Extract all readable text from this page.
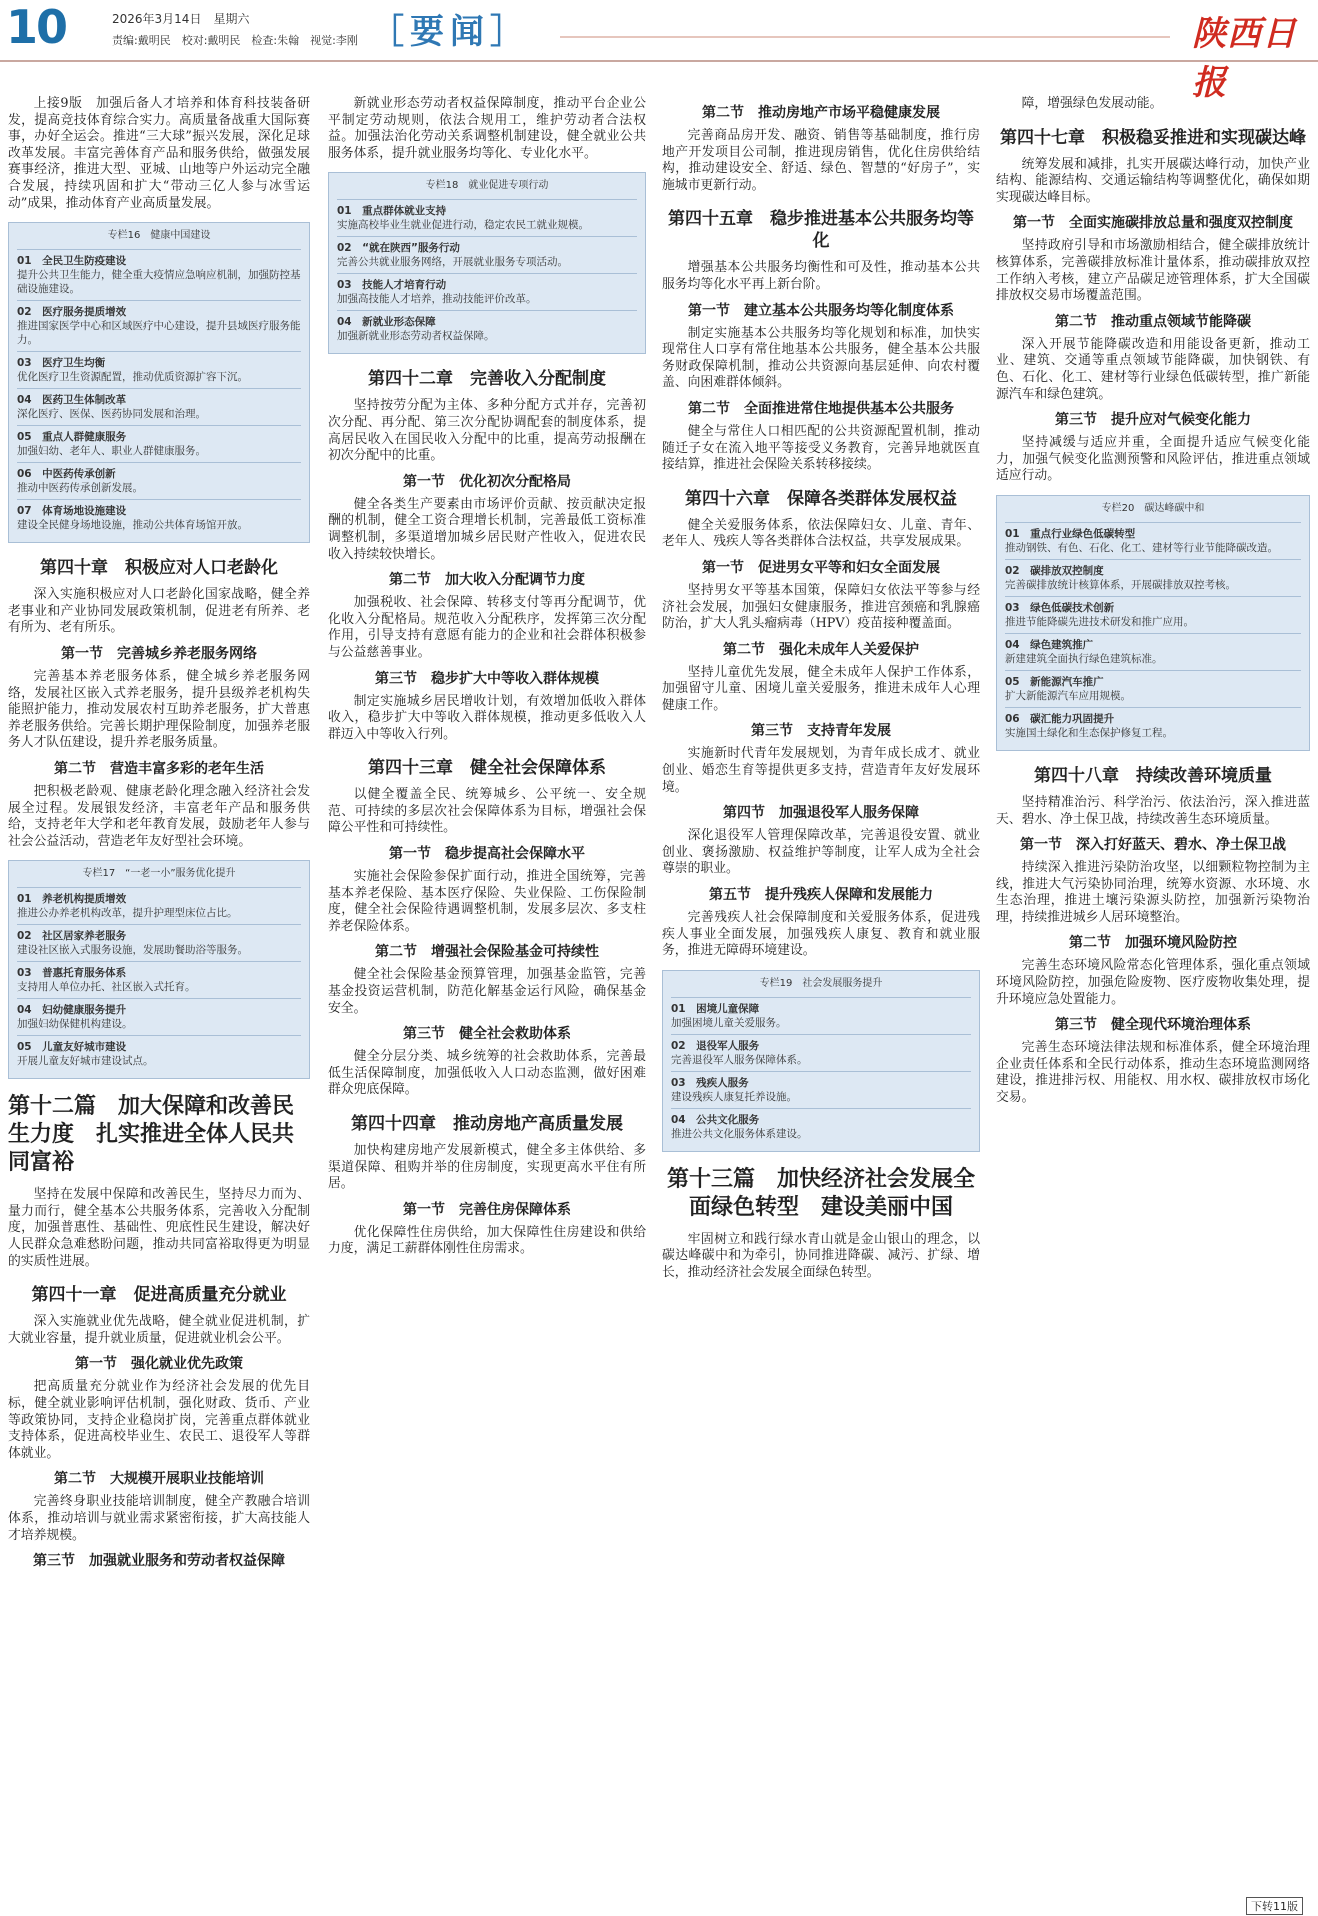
10	2026年3月14日　星期六
责编:戴明民　校对:戴明民　检查:朱翰　视觉:李刚 ［要闻］	陕西日报

上接9版　加强后备人才培养和体育科技装备研发，提高竞技体育综合实力。高质量备战重大国际赛事，办好全运会。推进“三大球”振兴发展，深化足球改革发展。丰富完善体育产品和服务供给，做强发展赛事经济，推进大型、亚城、山地等户外运动完全融合发展，持续巩固和扩大“带动三亿人参与冰雪运动”成果，推动体育产业高质量发展。

专栏16　健康中国建设
01　全民卫生防疫建设
提升公共卫生能力，健全重大疫情应急响应机制，加强防控基础设施建设。
02　医疗服务提质增效
推进国家医学中心和区域医疗中心建设，提升县域医疗服务能力。
03　医疗卫生均衡
优化医疗卫生资源配置，推动优质资源扩容下沉。
04　医药卫生体制改革
深化医疗、医保、医药协同发展和治理。
05　重点人群健康服务
加强妇幼、老年人、职业人群健康服务。
06　中医药传承创新
推动中医药传承创新发展。
07　体育场地设施建设
建设全民健身场地设施，推动公共体育场馆开放。
第四十章　积极应对人口老龄化

深入实施积极应对人口老龄化国家战略，健全养老事业和产业协同发展政策机制，促进老有所养、老有所为、老有所乐。

第一节　完善城乡养老服务网络

完善基本养老服务体系，健全城乡养老服务网络，发展社区嵌入式养老服务，提升县级养老机构失能照护能力，推动发展农村互助养老服务，扩大普惠养老服务供给。完善长期护理保险制度，加强养老服务人才队伍建设，提升养老服务质量。

第二节　营造丰富多彩的老年生活

把积极老龄观、健康老龄化理念融入经济社会发展全过程。发展银发经济，丰富老年产品和服务供给，支持老年大学和老年教育发展，鼓励老年人参与社会公益活动，营造老年友好型社会环境。

专栏17　“一老一小”服务优化提升
01　养老机构提质增效
推进公办养老机构改革，提升护理型床位占比。
02　社区居家养老服务
建设社区嵌入式服务设施，发展助餐助浴等服务。
03　普惠托育服务体系
支持用人单位办托、社区嵌入式托育。
04　妇幼健康服务提升
加强妇幼保健机构建设。
05　儿童友好城市建设
开展儿童友好城市建设试点。
第十二篇　加大保障和改善民生力度　扎实推进全体人民共同富裕

坚持在发展中保障和改善民生，坚持尽力而为、量力而行，健全基本公共服务体系，完善收入分配制度，加强普惠性、基础性、兜底性民生建设，解决好人民群众急难愁盼问题，推动共同富裕取得更为明显的实质性进展。

第四十一章　促进高质量充分就业

深入实施就业优先战略，健全就业促进机制，扩大就业容量，提升就业质量，促进就业机会公平。

第一节　强化就业优先政策

把高质量充分就业作为经济社会发展的优先目标，健全就业影响评估机制，强化财政、货币、产业等政策协同，支持企业稳岗扩岗，完善重点群体就业支持体系，促进高校毕业生、农民工、退役军人等群体就业。

第二节　大规模开展职业技能培训

完善终身职业技能培训制度，健全产教融合培训体系，推动培训与就业需求紧密衔接，扩大高技能人才培养规模。

第三节　加强就业服务和劳动者权益保障

新就业形态劳动者权益保障制度，推动平台企业公平制定劳动规则，依法合规用工，维护劳动者合法权益。加强法治化劳动关系调整机制建设，健全就业公共服务体系，提升就业服务均等化、专业化水平。

专栏18　就业促进专项行动
01　重点群体就业支持
实施高校毕业生就业促进行动，稳定农民工就业规模。
02　“就在陕西”服务行动
完善公共就业服务网络，开展就业服务专项活动。
03　技能人才培育行动
加强高技能人才培养，推动技能评价改革。
04　新就业形态保障
加强新就业形态劳动者权益保障。
第四十二章　完善收入分配制度

坚持按劳分配为主体、多种分配方式并存，完善初次分配、再分配、第三次分配协调配套的制度体系，提高居民收入在国民收入分配中的比重，提高劳动报酬在初次分配中的比重。

第一节　优化初次分配格局

健全各类生产要素由市场评价贡献、按贡献决定报酬的机制，健全工资合理增长机制，完善最低工资标准调整机制，多渠道增加城乡居民财产性收入，促进农民收入持续较快增长。

第二节　加大收入分配调节力度

加强税收、社会保障、转移支付等再分配调节，优化收入分配格局。规范收入分配秩序，发挥第三次分配作用，引导支持有意愿有能力的企业和社会群体积极参与公益慈善事业。

第三节　稳步扩大中等收入群体规模

制定实施城乡居民增收计划，有效增加低收入群体收入，稳步扩大中等收入群体规模，推动更多低收入人群迈入中等收入行列。

第四十三章　健全社会保障体系

以健全覆盖全民、统筹城乡、公平统一、安全规范、可持续的多层次社会保障体系为目标，增强社会保障公平性和可持续性。

第一节　稳步提高社会保障水平

实施社会保险参保扩面行动，推进全国统筹，完善基本养老保险、基本医疗保险、失业保险、工伤保险制度，健全社会保险待遇调整机制，发展多层次、多支柱养老保险体系。

第二节　增强社会保险基金可持续性

健全社会保险基金预算管理，加强基金监管，完善基金投资运营机制，防范化解基金运行风险，确保基金安全。

第三节　健全社会救助体系

健全分层分类、城乡统筹的社会救助体系，完善最低生活保障制度，加强低收入人口动态监测，做好困难群众兜底保障。

第四十四章　推动房地产高质量发展

加快构建房地产发展新模式，健全多主体供给、多渠道保障、租购并举的住房制度，实现更高水平住有所居。

第一节　完善住房保障体系

优化保障性住房供给，加大保障性住房建设和供给力度，满足工薪群体刚性住房需求。

第二节　推动房地产市场平稳健康发展

完善商品房开发、融资、销售等基础制度，推行房地产开发项目公司制，推进现房销售，优化住房供给结构，推动建设安全、舒适、绿色、智慧的“好房子”，实施城市更新行动。

第四十五章　稳步推进基本公共服务均等化

增强基本公共服务均衡性和可及性，推动基本公共服务均等化水平再上新台阶。

第一节　建立基本公共服务均等化制度体系

制定实施基本公共服务均等化规划和标准，加快实现常住人口享有常住地基本公共服务，健全基本公共服务财政保障机制，推动公共资源向基层延伸、向农村覆盖、向困难群体倾斜。

第二节　全面推进常住地提供基本公共服务

健全与常住人口相匹配的公共资源配置机制，推动随迁子女在流入地平等接受义务教育，完善异地就医直接结算，推进社会保险关系转移接续。

第四十六章　保障各类群体发展权益

健全关爱服务体系，依法保障妇女、儿童、青年、老年人、残疾人等各类群体合法权益，共享发展成果。

第一节　促进男女平等和妇女全面发展

坚持男女平等基本国策，保障妇女依法平等参与经济社会发展，加强妇女健康服务，推进宫颈癌和乳腺癌防治，扩大人乳头瘤病毒（HPV）疫苗接种覆盖面。

第二节　强化未成年人关爱保护

坚持儿童优先发展，健全未成年人保护工作体系，加强留守儿童、困境儿童关爱服务，推进未成年人心理健康工作。

第三节　支持青年发展

实施新时代青年发展规划，为青年成长成才、就业创业、婚恋生育等提供更多支持，营造青年友好发展环境。

第四节　加强退役军人服务保障

深化退役军人管理保障改革，完善退役安置、就业创业、褒扬激励、权益维护等制度，让军人成为全社会尊崇的职业。

第五节　提升残疾人保障和发展能力

完善残疾人社会保障制度和关爱服务体系，促进残疾人事业全面发展，加强残疾人康复、教育和就业服务，推进无障碍环境建设。

专栏19　社会发展服务提升
01　困境儿童保障
加强困境儿童关爱服务。
02　退役军人服务
完善退役军人服务保障体系。
03　残疾人服务
建设残疾人康复托养设施。
04　公共文化服务
推进公共文化服务体系建设。
第十三篇　加快经济社会发展全面绿色转型　建设美丽中国

牢固树立和践行绿水青山就是金山银山的理念，以碳达峰碳中和为牵引，协同推进降碳、减污、扩绿、增长，推动经济社会发展全面绿色转型。

障，增强绿色发展动能。

第四十七章　积极稳妥推进和实现碳达峰

统筹发展和减排，扎实开展碳达峰行动，加快产业结构、能源结构、交通运输结构等调整优化，确保如期实现碳达峰目标。

第一节　全面实施碳排放总量和强度双控制度

坚持政府引导和市场激励相结合，健全碳排放统计核算体系，完善碳排放标准计量体系，推动碳排放双控工作纳入考核，建立产品碳足迹管理体系，扩大全国碳排放权交易市场覆盖范围。

第二节　推动重点领域节能降碳

深入开展节能降碳改造和用能设备更新，推动工业、建筑、交通等重点领域节能降碳，加快钢铁、有色、石化、化工、建材等行业绿色低碳转型，推广新能源汽车和绿色建筑。

第三节　提升应对气候变化能力

坚持减缓与适应并重，全面提升适应气候变化能力，加强气候变化监测预警和风险评估，推进重点领域适应行动。

专栏20　碳达峰碳中和
01　重点行业绿色低碳转型
推动钢铁、有色、石化、化工、建材等行业节能降碳改造。
02　碳排放双控制度
完善碳排放统计核算体系，开展碳排放双控考核。
03　绿色低碳技术创新
推进节能降碳先进技术研发和推广应用。
04　绿色建筑推广
新建建筑全面执行绿色建筑标准。
05　新能源汽车推广
扩大新能源汽车应用规模。
06　碳汇能力巩固提升
实施国土绿化和生态保护修复工程。
第四十八章　持续改善环境质量

坚持精准治污、科学治污、依法治污，深入推进蓝天、碧水、净土保卫战，持续改善生态环境质量。

第一节　深入打好蓝天、碧水、净土保卫战

持续深入推进污染防治攻坚，以细颗粒物控制为主线，推进大气污染协同治理，统筹水资源、水环境、水生态治理，推进土壤污染源头防控，加强新污染物治理，持续推进城乡人居环境整治。

第二节　加强环境风险防控

完善生态环境风险常态化管理体系，强化重点领域环境风险防控，加强危险废物、医疗废物收集处理，提升环境应急处置能力。

第三节　健全现代环境治理体系

完善生态环境法律法规和标准体系，健全环境治理企业责任体系和全民行动体系，推动生态环境监测网络建设，推进排污权、用能权、用水权、碳排放权市场化交易。

下转11版
